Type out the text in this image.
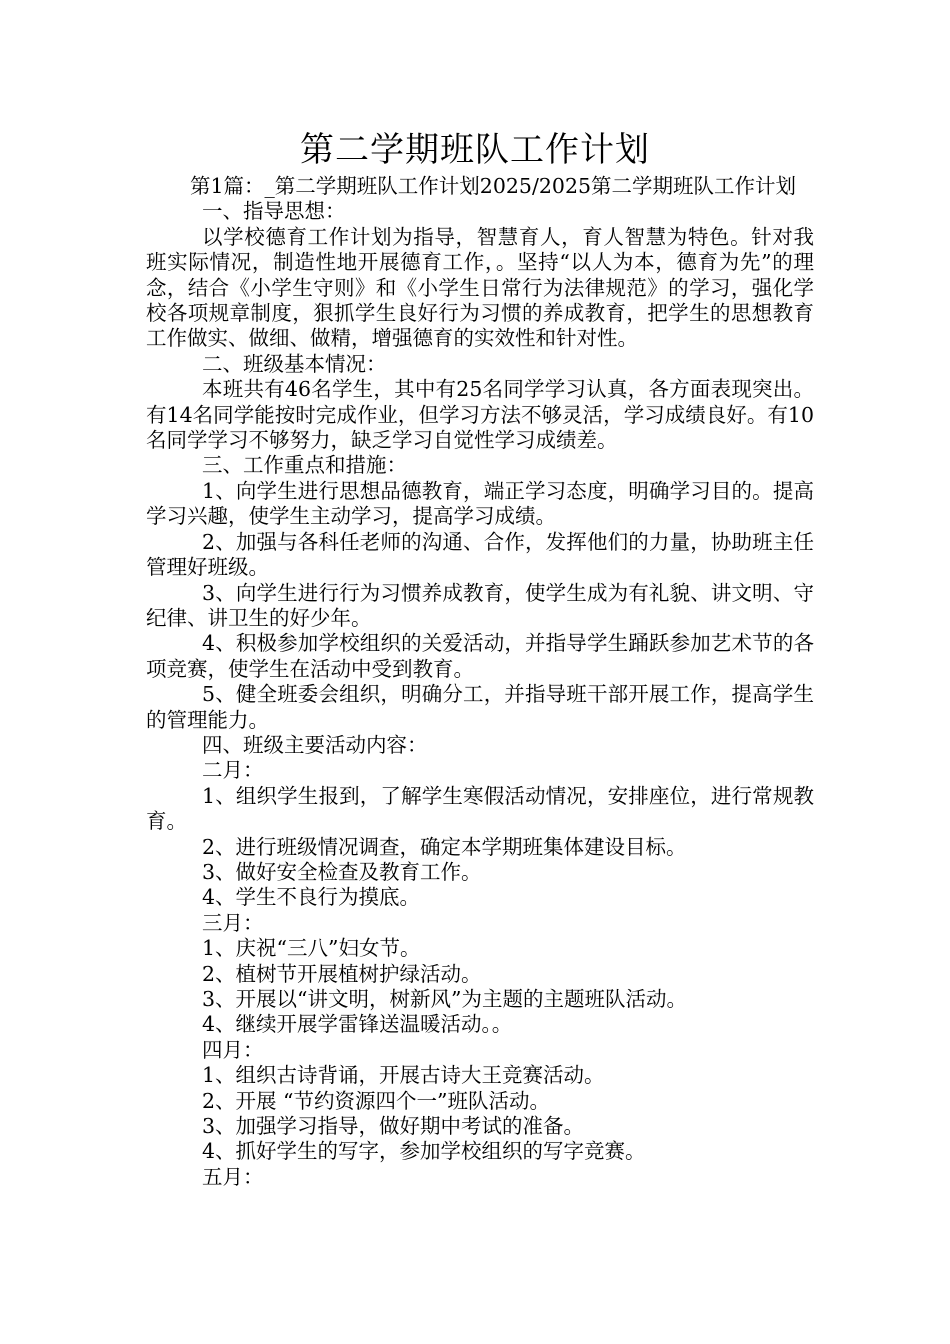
第二学期班队工作计划

第1篇：_第二学期班队工作计划2025/2025第二学期班队工作计划

一、指导思想：

以学校德育工作计划为指导，智慧育人，育人智慧为特色。针对我班实际情况，制造性地开展德育工作，。坚持“以人为本，德育为先”的理念，结合《小学生守则》和《小学生日常行为法律规范》的学习，强化学校各项规章制度，狠抓学生良好行为习惯的养成教育，把学生的思想教育工作做实、做细、做精，增强德育的实效性和针对性。

二、班级基本情况：

本班共有46名学生，其中有25名同学学习认真，各方面表现突出。有14名同学能按时完成作业，但学习方法不够灵活，学习成绩良好。有10名同学学习不够努力，缺乏学习自觉性学习成绩差。

三、工作重点和措施：

1、向学生进行思想品德教育，端正学习态度，明确学习目的。提高学习兴趣，使学生主动学习，提高学习成绩。

2、加强与各科任老师的沟通、合作，发挥他们的力量，协助班主任管理好班级。

3、向学生进行行为习惯养成教育，使学生成为有礼貌、讲文明、守纪律、讲卫生的好少年。

4、积极参加学校组织的关爱活动，并指导学生踊跃参加艺术节的各项竞赛，使学生在活动中受到教育。

5、健全班委会组织，明确分工，并指导班干部开展工作，提高学生的管理能力。

四、班级主要活动内容：

二月：

1、组织学生报到，了解学生寒假活动情况，安排座位，进行常规教育。

2、进行班级情况调查，确定本学期班集体建设目标。

3、做好安全检查及教育工作。

4、学生不良行为摸底。

三月：

1、庆祝“三八”妇女节。

2、植树节开展植树护绿活动。

3、开展以“讲文明，树新风”为主题的主题班队活动。

4、继续开展学雷锋送温暖活动。。

四月：

1、组织古诗背诵，开展古诗大王竞赛活动。

2、开展 “节约资源四个一”班队活动。

3、加强学习指导，做好期中考试的准备。

4、抓好学生的写字，参加学校组织的写字竞赛。

五月：
